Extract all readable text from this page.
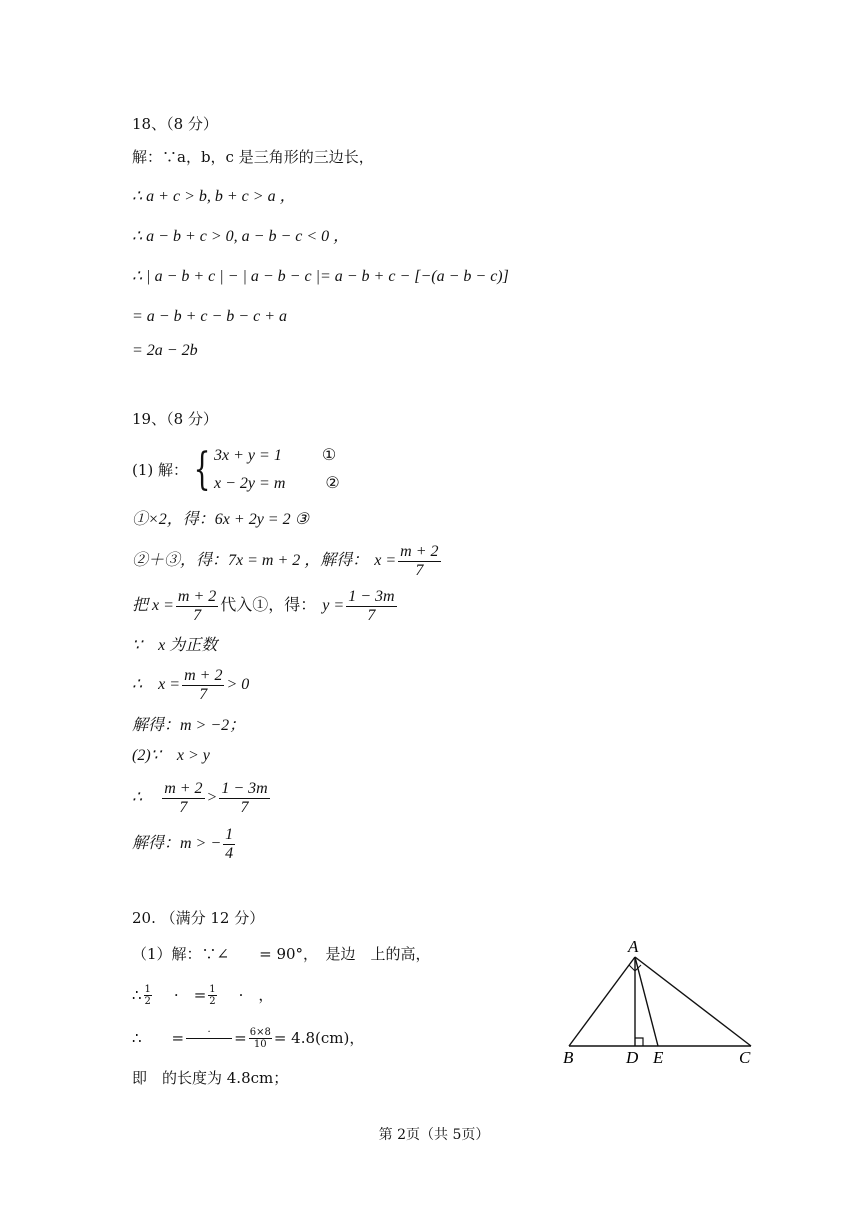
18、（8 分）
解：∵a，b，c 是三角形的三边长，
∴ a + c > b, b + c > a ，
∴ a − b + c > 0, a − b − c < 0 ，
∴ | a − b + c | − | a − b − c |= a − b + c − [−(a − b − c)]
= a − b + c − b − c + a
= 2a − 2b
19、（8 分）
(1) 解： { 3x + y = 1	①
x − 2y = m	②
①×2，得：6x + 2y = 2 ③
②＋③，得：7x = m + 2 ，解得： $x = \frac{m + 2}{7}$
把 $x = \frac{m + 2}{7}$ 代入①，得： $y = \frac{1 - 3m}{7}$
∵　x 为正数
∴　$x = \frac{m + 2}{7} > 0$
解得：m > −2；
(2)∵　x > y
∴ $\frac{m + 2}{7} > \frac{1 - 3m}{7}$
解得：m > − $\frac{1}{4}$
20. （满分 12 分）
（1）解：∵∠　　= 90°，　是边　上的高，
∴ $\frac{1}{2}$ ·　= $\frac{1}{2}$ ·　，
∴　　=	·	= $\frac{6\times 8}{10} = 4.8(cm)$，
即　的长度为 4.8cm；
A
B	D E	C
第 2页（共 5页）
